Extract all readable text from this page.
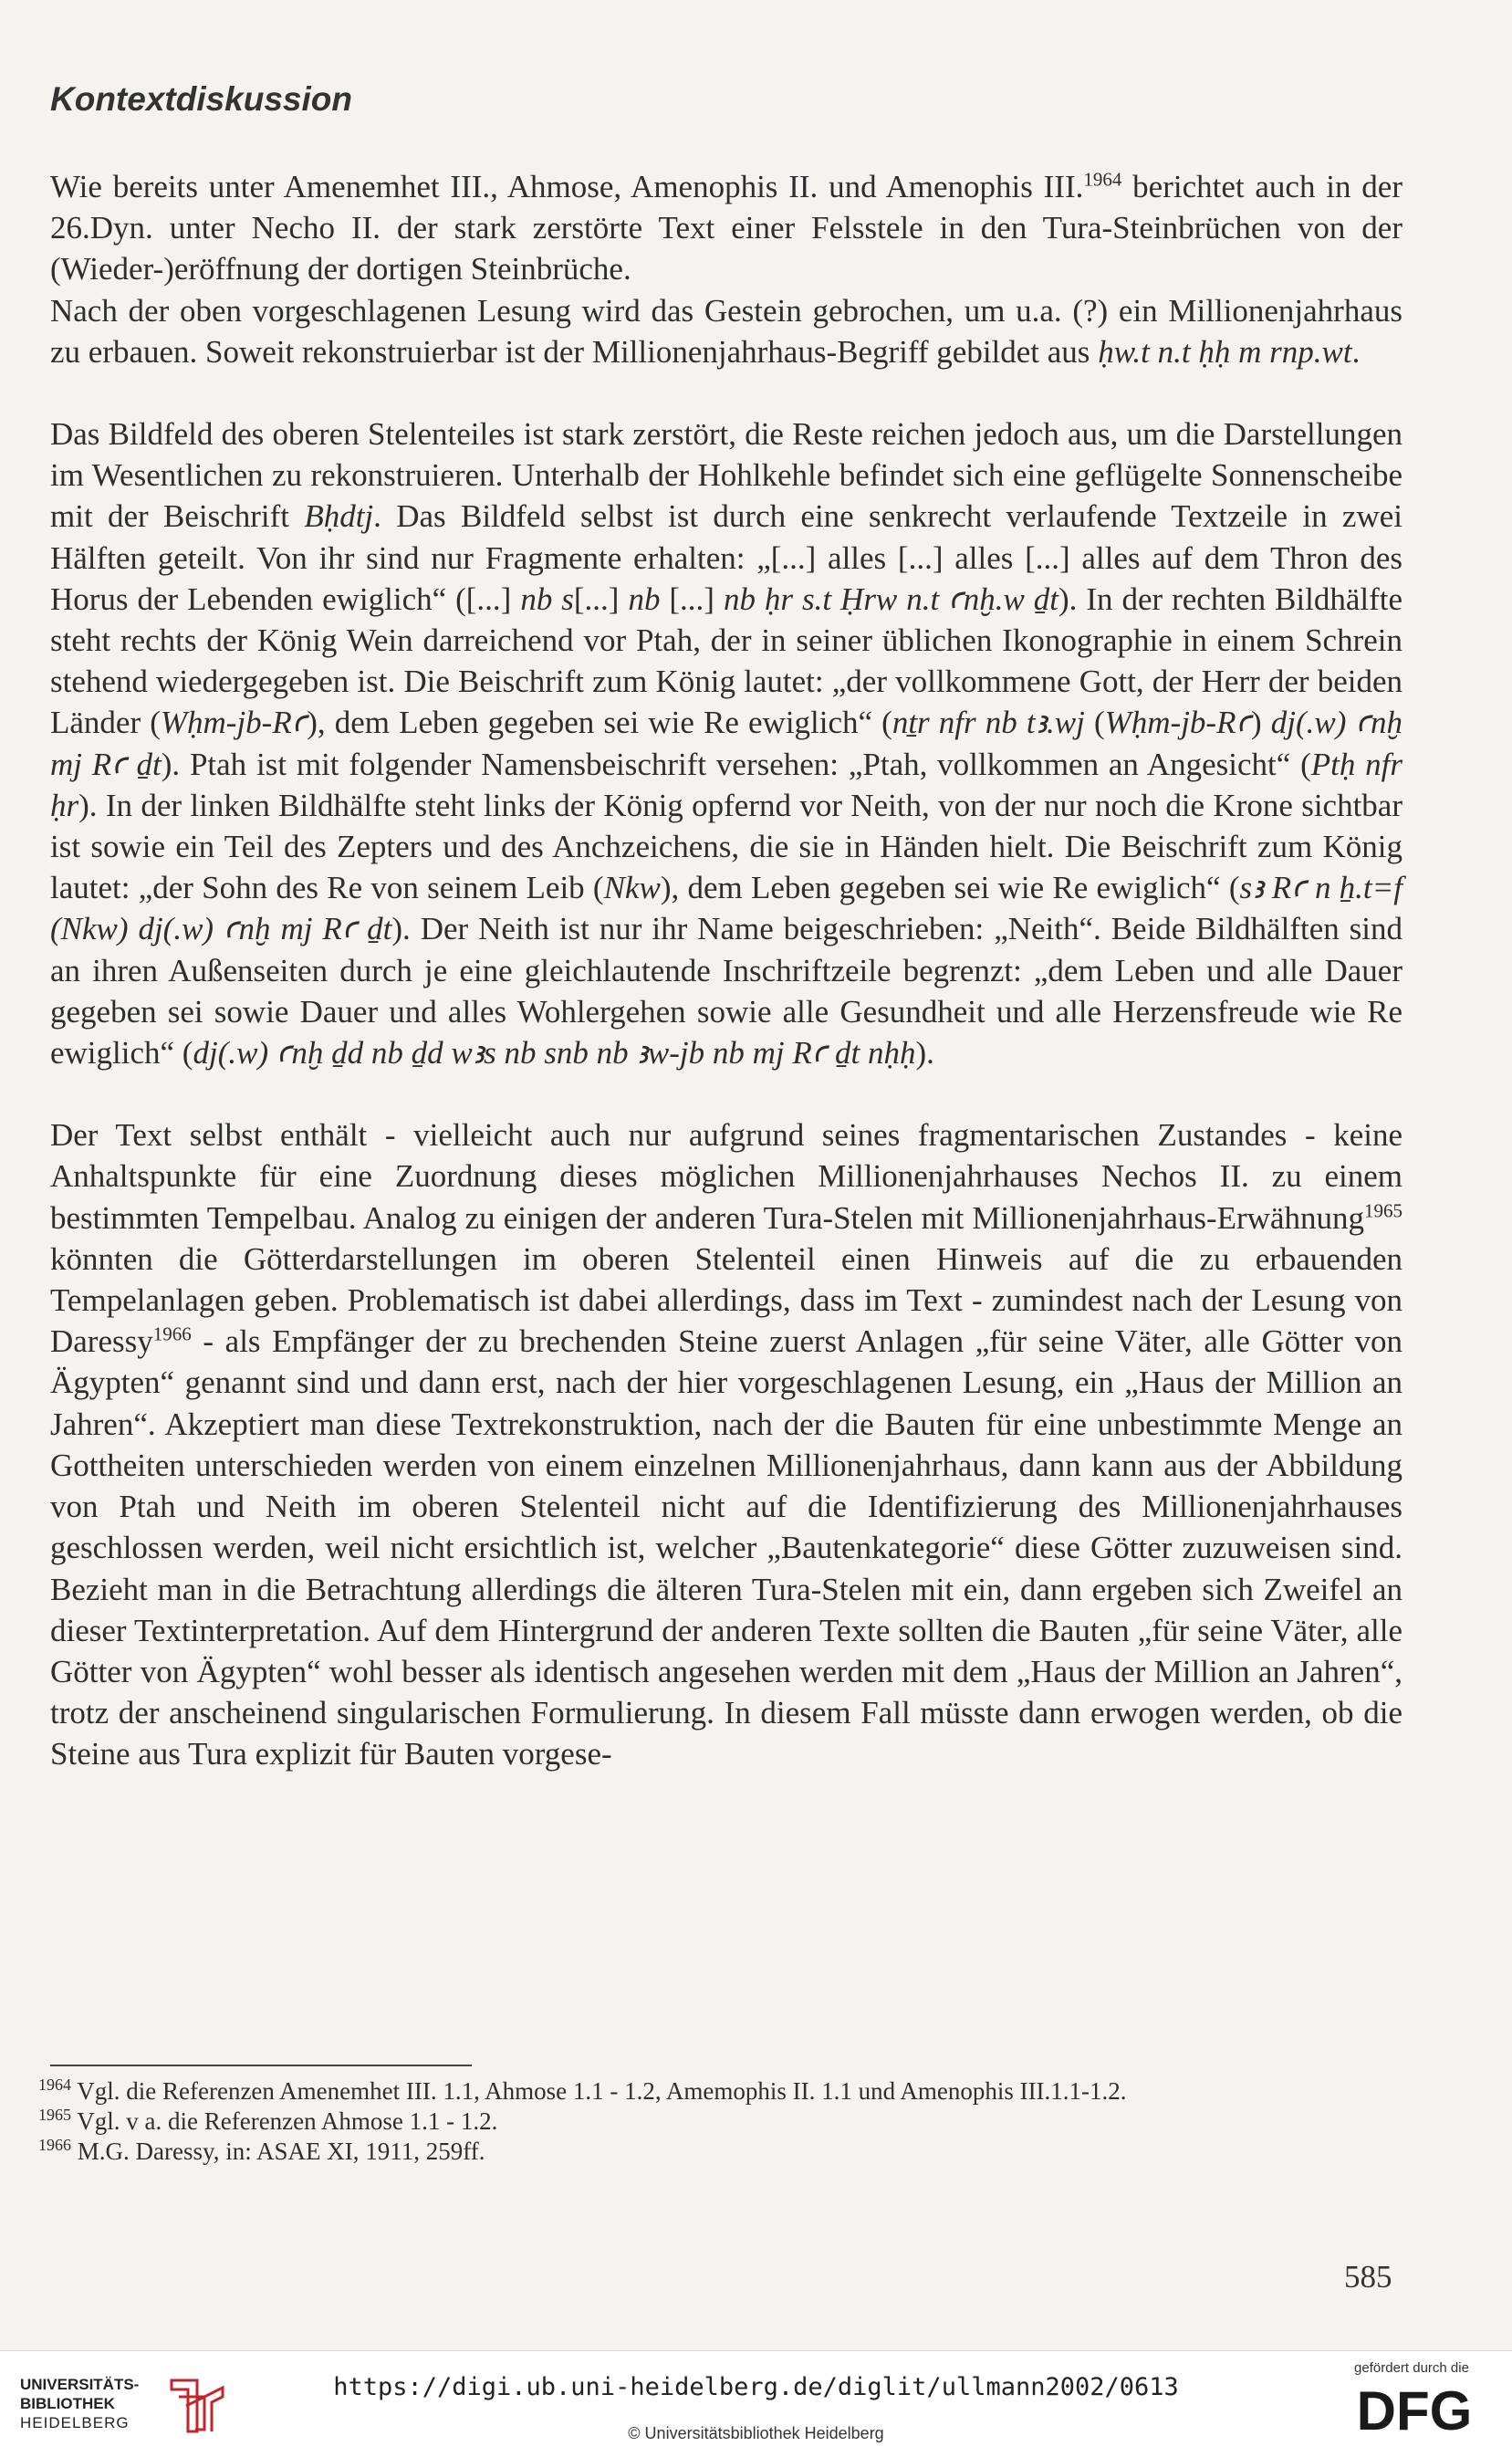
Kontextdiskussion

Wie bereits unter Amenemhet III., Ahmose, Amenophis II. und Amenophis III.$^{1964}$ berichtet auch in der 26.Dyn. unter Necho II. der stark zerstörte Text einer Felsstele in den Tura-Steinbrüchen von der (Wieder-)eröffnung der dortigen Steinbrüche.

Nach der oben vorgeschlagenen Lesung wird das Gestein gebrochen, um u.a. (?) ein Millionenjahrhaus zu erbauen. Soweit rekonstruierbar ist der Millionenjahrhaus-Begriff gebildet aus ḥw.t n.t ḥḥ m rnp.wt.

Das Bildfeld des oberen Stelenteiles ist stark zerstört, die Reste reichen jedoch aus, um die Darstellungen im Wesentlichen zu rekonstruieren. Unterhalb der Hohlkehle befindet sich eine geflügelte Sonnenscheibe mit der Beischrift Bḥdtj. Das Bildfeld selbst ist durch eine senkrecht verlaufende Textzeile in zwei Hälften geteilt. Von ihr sind nur Fragmente erhalten: „[...] alles [...] alles [...] alles auf dem Thron des Horus der Lebenden ewiglich“ ([...] nb s[...] nb [...] nb ḥr s.t Ḥrw n.t ꜥnḫ.w ḏt). In der rechten Bildhälfte steht rechts der König Wein darreichend vor Ptah, der in seiner üblichen Ikonographie in einem Schrein stehend wiedergegeben ist. Die Beischrift zum König lautet: „der vollkommene Gott, der Herr der beiden Länder (Wḥm-jb-Rꜥ), dem Leben gegeben sei wie Re ewiglich“ (nṯr nfr nb tꜣ.wj (Wḥm-jb-Rꜥ) dj(.w) ꜥnḫ mj Rꜥ ḏt). Ptah ist mit folgender Namensbeischrift versehen: „Ptah, vollkommen an Angesicht“ (Ptḥ nfr ḥr). In der linken Bildhälfte steht links der König opfernd vor Neith, von der nur noch die Krone sichtbar ist sowie ein Teil des Zepters und des Anchzeichens, die sie in Händen hielt. Die Beischrift zum König lautet: „der Sohn des Re von seinem Leib (Nkw), dem Leben gegeben sei wie Re ewiglich“ (sꜣ Rꜥ n ẖ.t=f (Nkw) dj(.w) ꜥnḫ mj Rꜥ ḏt). Der Neith ist nur ihr Name beigeschrieben: „Neith“. Beide Bildhälften sind an ihren Außenseiten durch je eine gleichlautende Inschriftzeile begrenzt: „dem Leben und alle Dauer gegeben sei sowie Dauer und alles Wohlergehen sowie alle Gesundheit und alle Herzensfreude wie Re ewiglich“ (dj(.w) ꜥnḫ ḏd nb ḏd wꜣs nb snb nb ꜣw-jb nb mj Rꜥ ḏt nḥḥ).

Der Text selbst enthält - vielleicht auch nur aufgrund seines fragmentarischen Zustandes - keine Anhaltspunkte für eine Zuordnung dieses möglichen Millionenjahrhauses Nechos II. zu einem bestimmten Tempelbau. Analog zu einigen der anderen Tura-Stelen mit Millionenjahrhaus-Erwähnung$^{1965}$ könnten die Götterdarstellungen im oberen Stelenteil einen Hinweis auf die zu erbauenden Tempelanlagen geben. Problematisch ist dabei allerdings, dass im Text - zumindest nach der Lesung von Daressy$^{1966}$ - als Empfänger der zu brechenden Steine zuerst Anlagen „für seine Väter, alle Götter von Ägypten“ genannt sind und dann erst, nach der hier vorgeschlagenen Lesung, ein „Haus der Million an Jahren“. Akzeptiert man diese Textrekonstruktion, nach der die Bauten für eine unbestimmte Menge an Gottheiten unterschieden werden von einem einzelnen Millionenjahrhaus, dann kann aus der Abbildung von Ptah und Neith im oberen Stelenteil nicht auf die Identifizierung des Millionenjahrhauses geschlossen werden, weil nicht ersichtlich ist, welcher „Bautenkategorie“ diese Götter zuzuweisen sind. Bezieht man in die Betrachtung allerdings die älteren Tura-Stelen mit ein, dann ergeben sich Zweifel an dieser Textinterpretation. Auf dem Hintergrund der anderen Texte sollten die Bauten „für seine Väter, alle Götter von Ägypten“ wohl besser als identisch angesehen werden mit dem „Haus der Million an Jahren“, trotz der anscheinend singularischen Formulierung. In diesem Fall müsste dann erwogen werden, ob die Steine aus Tura explizit für Bauten vorgese-

$^{1964}$ Vgl. die Referenzen Amenemhet III. 1.1, Ahmose 1.1 - 1.2, Amemophis II. 1.1 und Amenophis III.1.1-1.2.

$^{1965}$ Vgl. v a. die Referenzen Ahmose 1.1 - 1.2.

$^{1966}$ M.G. Daressy, in: ASAE XI, 1911, 259ff.

585
UNIVERSITÄTS-
BIBLIOTHEK
HEIDELBERG
https://digi.ub.uni-heidelberg.de/diglit/ullmann2002/0613
© Universitätsbibliothek Heidelberg
gefördert durch die
DFG
